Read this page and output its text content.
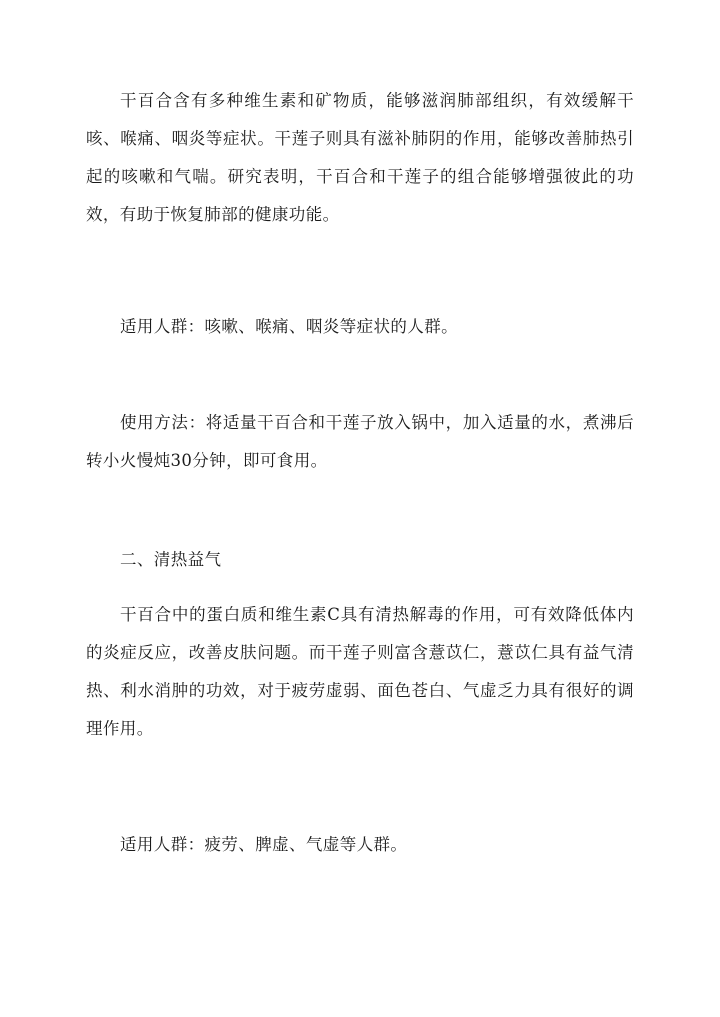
干百合含有多种维生素和矿物质，能够滋润肺部组织，有效缓解干咳、喉痛、咽炎等症状。干莲子则具有滋补肺阴的作用，能够改善肺热引起的咳嗽和气喘。研究表明，干百合和干莲子的组合能够增强彼此的功效，有助于恢复肺部的健康功能。

适用人群：咳嗽、喉痛、咽炎等症状的人群。

使用方法：将适量干百合和干莲子放入锅中，加入适量的水，煮沸后转小火慢炖30分钟，即可食用。

二、清热益气

干百合中的蛋白质和维生素C具有清热解毒的作用，可有效降低体内的炎症反应，改善皮肤问题。而干莲子则富含薏苡仁，薏苡仁具有益气清热、利水消肿的功效，对于疲劳虚弱、面色苍白、气虚乏力具有很好的调理作用。

适用人群：疲劳、脾虚、气虚等人群。
